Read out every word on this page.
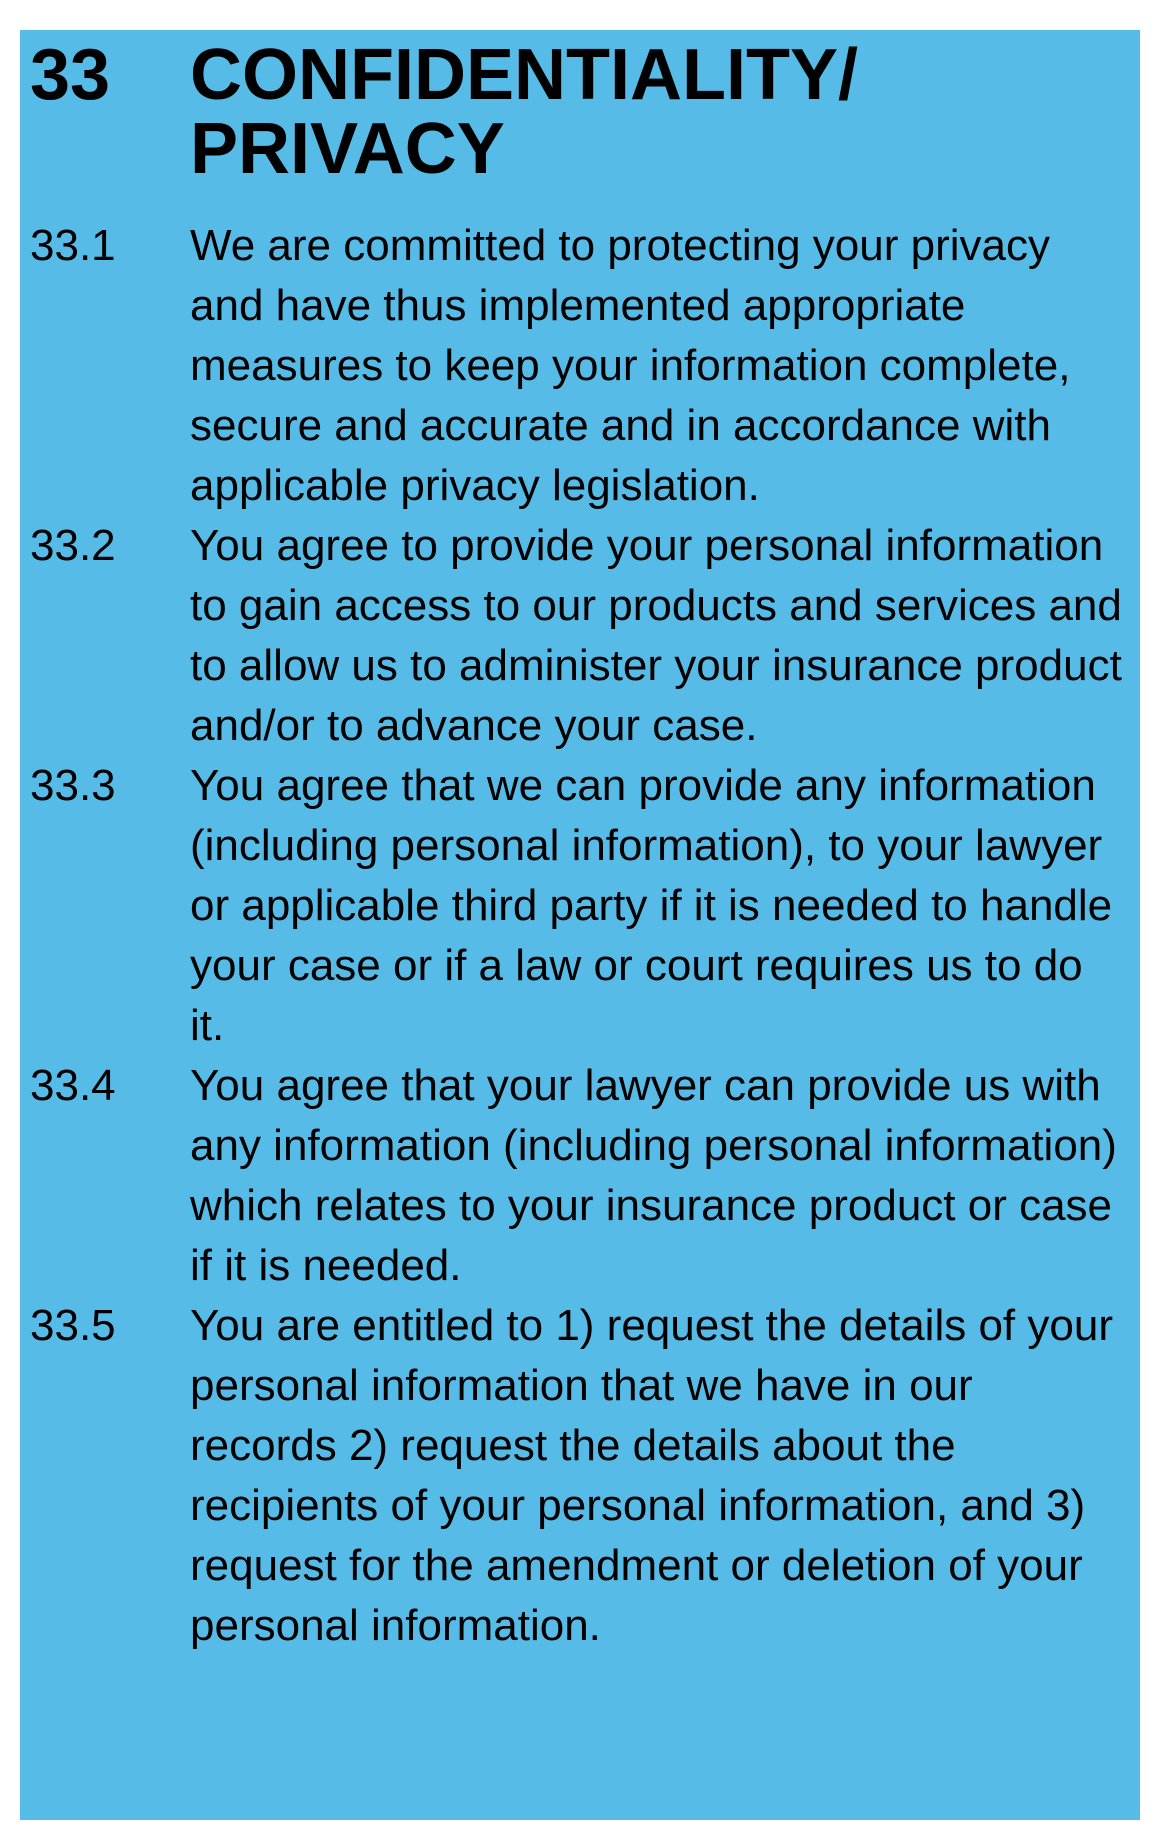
33	CONFIDENTIALITY/
PRIVACY
33.1	We are committed to protecting your privacy and have thus implemented appropriate measures to keep your information complete, secure and accurate and in accordance with applicable privacy legislation.
33.2	You agree to provide your personal information to gain access to our products and services and to allow us to administer your insurance product and/or to advance your case.
33.3	You agree that we can provide any information (including personal information), to your lawyer or applicable third party if it is needed to handle your case or if a law or court requires us to do it.
33.4	You agree that your lawyer can provide us with any information (including personal information) which relates to your insurance product or case if it is needed.
33.5	You are entitled to 1) request the details of your personal information that we have in our records 2) request the details about the recipients of your personal information, and 3) request for the amendment or deletion of your personal information.
